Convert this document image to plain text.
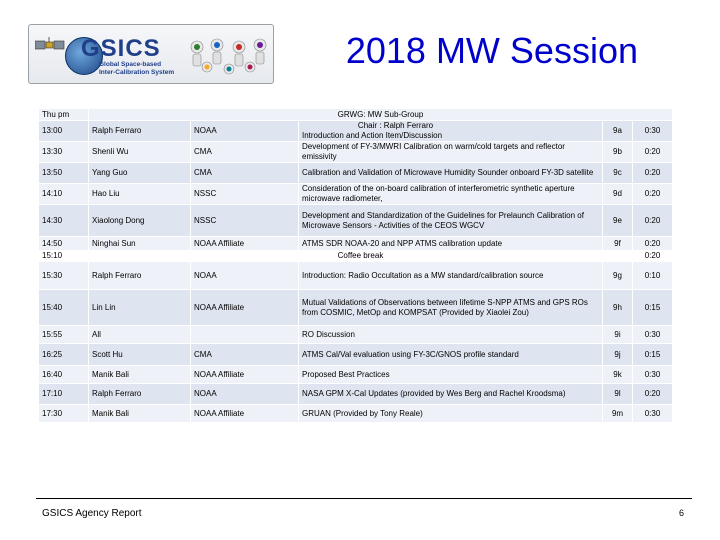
GSICS
Global Space-based
Inter-Calibration System
2018 MW Session
Thu pm	GRWG: MW Sub-Group				
13:00	Ralph Ferraro	NOAA	Chair : Ralph Ferraro
Introduction and Action Item/Discussion	9a	0:30
13:30	Shenli Wu	CMA	Development of FY-3/MWRI Calibration on warm/cold targets and reflector emissivity	9b	0:20
13:50	Yang Guo	CMA	Calibration and Validation of Microwave Humidity Sounder onboard FY-3D satellite	9c	0:20
14:10	Hao Liu	NSSC	Consideration of the on-board calibration of interferometric synthetic aperture microwave radiometer,	9d	0:20
14:30	Xiaolong Dong	NSSC	Development and Standardization of the Guidelines for Prelaunch Calibration of Microwave Sensors - Activities of the CEOS WGCV	9e	0:20
14:50	Ninghai Sun	NOAA Affiliate	ATMS SDR NOAA-20 and NPP ATMS calibration update	9f	0:20
15:10	Coffee break				0:20
15:30	Ralph Ferraro	NOAA	Introduction: Radio Occultation as a MW standard/calibration source	9g	0:10
15:40	Lin Lin	NOAA Affiliate	Mutual Validations of Observations between lifetime S-NPP ATMS and GPS ROs from COSMIC, MetOp and KOMPSAT (Provided by Xiaolei Zou)	9h	0:15
15:55	All		RO Discussion	9i	0:30
16:25	Scott Hu	CMA	ATMS Cal/Val evaluation using FY-3C/GNOS profile standard	9j	0:15
16:40	Manik Bali	NOAA Affiliate	Proposed Best Practices	9k	0:30
17:10	Ralph Ferraro	NOAA	NASA GPM X-Cal Updates (provided by Wes Berg and Rachel Kroodsma)	9l	0:20
17:30	Manik Bali	NOAA Affiliate	GRUAN (Provided by Tony Reale)	9m	0:30
GSICS Agency Report	6
